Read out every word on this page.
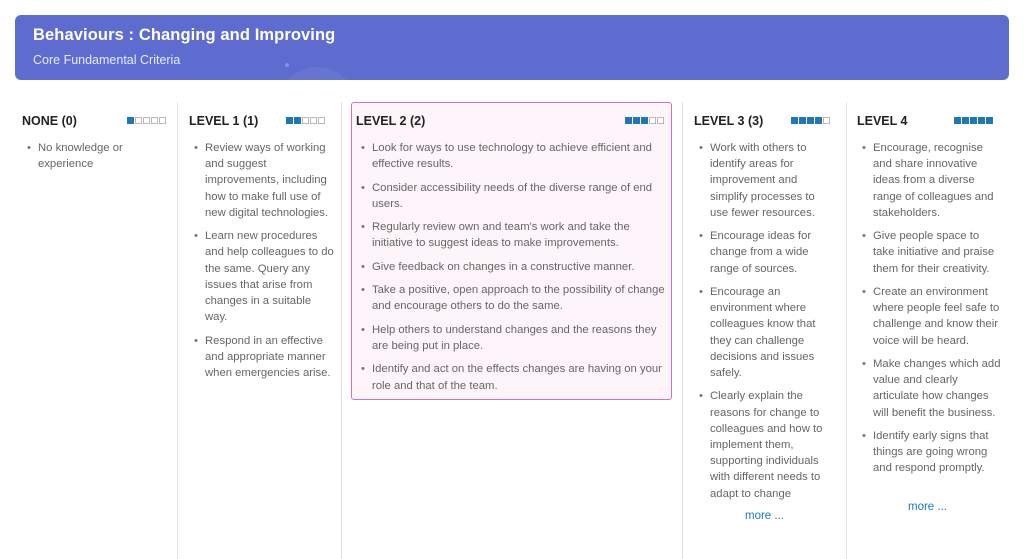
Behaviours : Changing and Improving
Core Fundamental Criteria
NONE (0)
• No knowledge or experience
LEVEL 1 (1)
• Review ways of working and suggest improvements, including how to make full use of new digital technologies.
• Learn new procedures and help colleagues to do the same. Query any issues that arise from changes in a suitable way.
• Respond in an effective and appropriate manner when emergencies arise.
LEVEL 2 (2)
• Look for ways to use technology to achieve efficient and effective results.
• Consider accessibility needs of the diverse range of end users.
• Regularly review own and team's work and take the initiative to suggest ideas to make improvements.
• Give feedback on changes in a constructive manner.
• Take a positive, open approach to the possibility of change and encourage others to do the same.
• Help others to understand changes and the reasons they are being put in place.
• Identify and act on the effects changes are having on your role and that of the team.
LEVEL 3 (3)
• Work with others to identify areas for improvement and simplify processes to use fewer resources.
• Encourage ideas for change from a wide range of sources.
• Encourage an environment where colleagues know that they can challenge decisions and issues safely.
• Clearly explain the reasons for change to colleagues and how to implement them, supporting individuals with different needs to adapt to change
more ...
LEVEL 4
• Encourage, recognise and share innovative ideas from a diverse range of colleagues and stakeholders.
• Give people space to take initiative and praise them for their creativity.
• Create an environment where people feel safe to challenge and know their voice will be heard.
• Make changes which add value and clearly articulate how changes will benefit the business.
• Identify early signs that things are going wrong and respond promptly.
more ...
